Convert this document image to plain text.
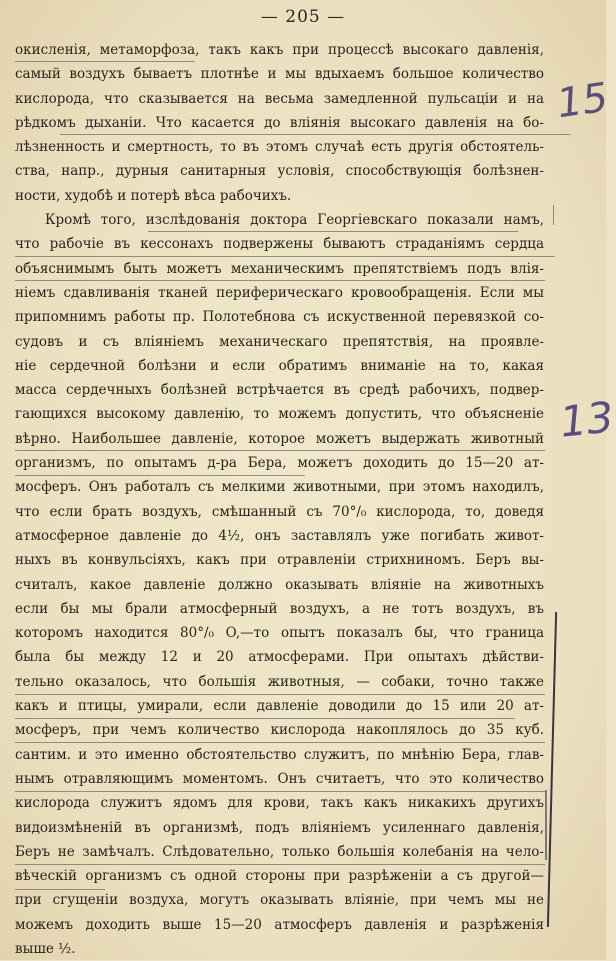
— 205 —
окисленія, метаморфоза, такъ какъ при процессѣ высокаго давленія,
самый воздухъ бываетъ плотнѣе и мы вдыхаемъ большое количество
кислорода, что сказывается на весьма замедленной пульсаціи и на
рѣдкомъ дыханіи. Что касается до вліянія высокаго давленія на бо-
лѣзненность и смертность, то въ этомъ случаѣ есть другія обстоятель-
ства, напр., дурныя санитарныя условія, способствующія болѣзнен-
ности, худобѣ и потерѣ вѣса рабочихъ.
Кромѣ того, изслѣдованія доктора Георгіевскаго показали намъ,
что рабочіе въ кессонахъ подвержены бываютъ страданіямъ сердца
объяснимымъ быть можетъ механическимъ препятствіемъ подъ влія-
ніемъ сдавливанія тканей периферическаго кровообращенія. Если мы
припомнимъ работы пр. Полотебнова съ искуственной перевязкой со-
судовъ и съ вліяніемъ механическаго препятствія, на проявле-
ніе сердечной болѣзни и если обратимъ вниманіе на то, какая
масса сердечныхъ болѣзней встрѣчается въ средѣ рабочихъ, подвер-
гающихся высокому давленію, то можемъ допустить, что объясненіе
вѣрно. Наибольшее давленіе, которое можетъ выдержать животный
организмъ, по опытамъ д-ра Бера, можетъ доходить до 15—20 ат-
мосферъ. Онъ работалъ съ мелкими животными, при этомъ находилъ,
что если брать воздухъ, смѣшанный съ 70°/₀ кислорода, то, доведя
атмосферное давленіе до 4½, онъ заставлялъ уже погибать живот-
ныхъ въ конвульсіяхъ, какъ при отравленіи стрихниномъ. Беръ вы-
считалъ, какое давленіе должно оказывать вліяніе на животныхъ
если бы мы брали атмосферный воздухъ, а не тотъ воздухъ, въ
которомъ находится 80°/₀ O,—то опытъ показалъ бы, что граница
была бы между 12 и 20 атмосферами. При опытахъ дѣйстви-
тельно оказалось, что большія животныя, — собаки, точно также
какъ и птицы, умирали, если давленіе доводили до 15 или 20 ат-
мосферъ, при чемъ количество кислорода накоплялось до 35 куб.
сантим. и это именно обстоятельство служитъ, по мнѣнію Бера, глав-
нымъ отравляющимъ моментомъ. Онъ считаетъ, что это количество
кислорода служитъ ядомъ для крови, такъ какъ никакихъ другихъ
видоизмѣненій въ организмѣ, подъ вліяніемъ усиленнаго давленія,
Беръ не замѣчалъ. Слѣдовательно, только большія колебанія на чело-
вѣческій организмъ съ одной стороны при разрѣженіи а съ другой—
при сгущеніи воздуха, могутъ оказывать вліяніе, при чемъ мы не
можемъ доходить выше 15—20 атмосферъ давленія и разрѣженія
выше ½.
15
13
